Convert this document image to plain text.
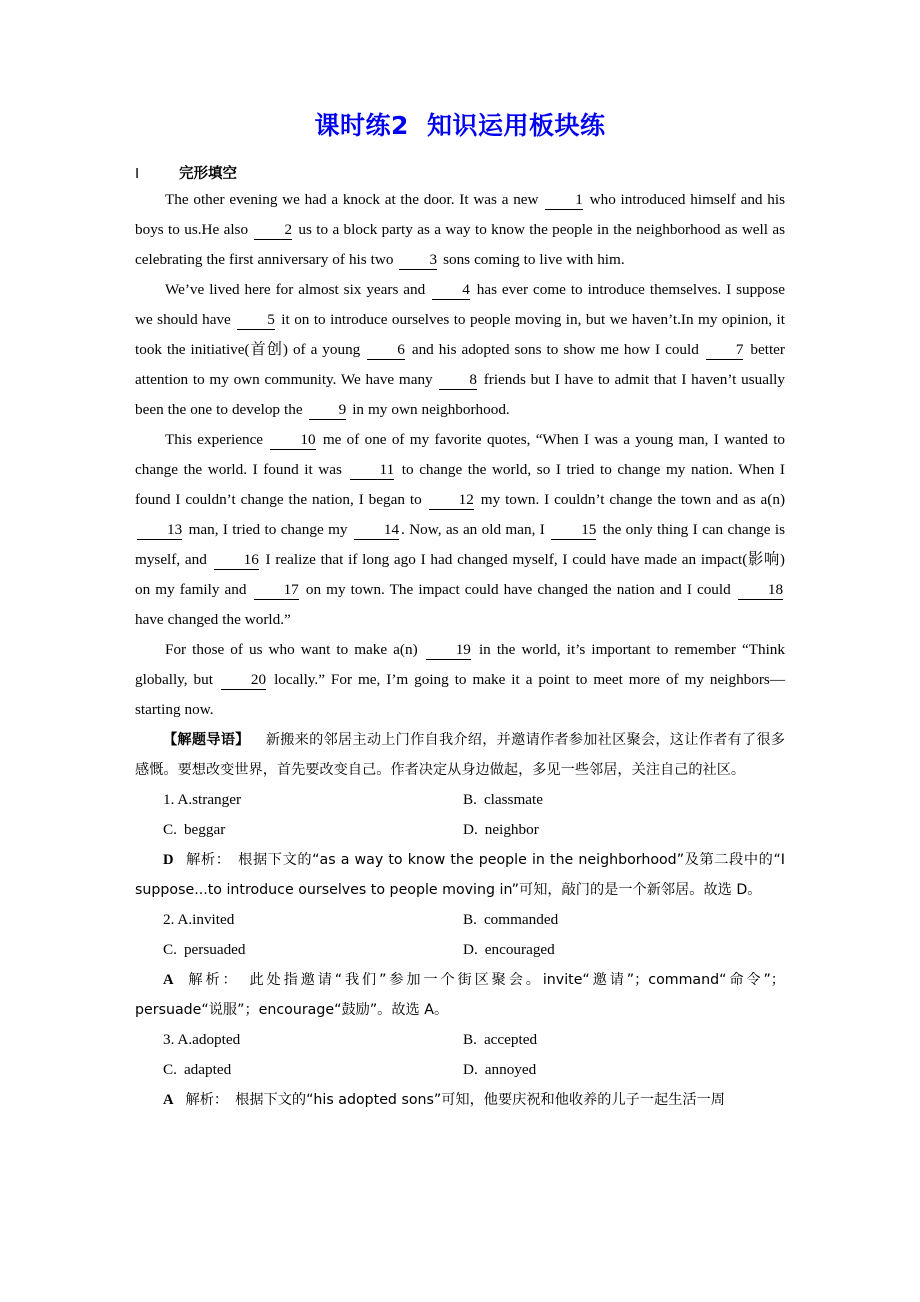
课时练2 知识运用板块练
Ⅰ	完形填空

The other evening we had a knock at the door. It was a new 1 who introduced himself and his boys to us.He also 2 us to a block party as a way to know the people in the neighborhood as well as celebrating the first anniversary of his two 3 sons coming to live with him.

We’ve lived here for almost six years and 4 has ever come to introduce themselves. I suppose we should have 5 it on to introduce ourselves to people moving in, but we haven’t.In my opinion, it took the initiative(首创) of a young 6 and his adopted sons to show me how I could 7 better attention to my own community. We have many 8 friends but I have to admit that I haven’t usually been the one to develop the 9 in my own neighborhood.

This experience 10 me of one of my favorite quotes, “When I was a young man, I wanted to change the world. I found it was 11 to change the world, so I tried to change my nation. When I found I couldn’t change the nation, I began to 12 my town. I couldn’t change the town and as a(n) 13 man, I tried to change my 14 . Now, as an old man, I 15 the only thing I can change is myself, and 16 I realize that if long ago I had changed myself, I could have made an impact(影响) on my family and 17 on my town. The impact could have changed the nation and I could 18 have changed the world.”

For those of us who want to make a(n)	19 in the world, it’s important to remember “Think globally, but 20 locally.” For me, I’m going to make it a point to meet more of my neighbors—starting now.

【解题导语】 新搬来的邻居主动上门作自我介绍，并邀请作者参加社区聚会，这让作者有了很多感慨。要想改变世界，首先要改变自己。作者决定从身边做起，多见一些邻居，关注自己的社区。

1. A.stranger	B. classmate
C. beggar	D. neighbor

D 解析： 根据下文的“as a way to know the people in the neighborhood”及第二段中的“I suppose...to introduce ourselves to people moving in”可知，敲门的是一个新邻居。故选 D。

2. A.invited	B. commanded
C. persuaded	D. encouraged

A 解析： 此处指邀请“我们”参加一个街区聚会。invite“邀请”；command“命令”；persuade“说服”；encourage“鼓励”。故选 A。

3. A.adopted	B. accepted
C. adapted	D. annoyed

A 解析： 根据下文的“his adopted sons”可知，他要庆祝和他收养的儿子一起生活一周
